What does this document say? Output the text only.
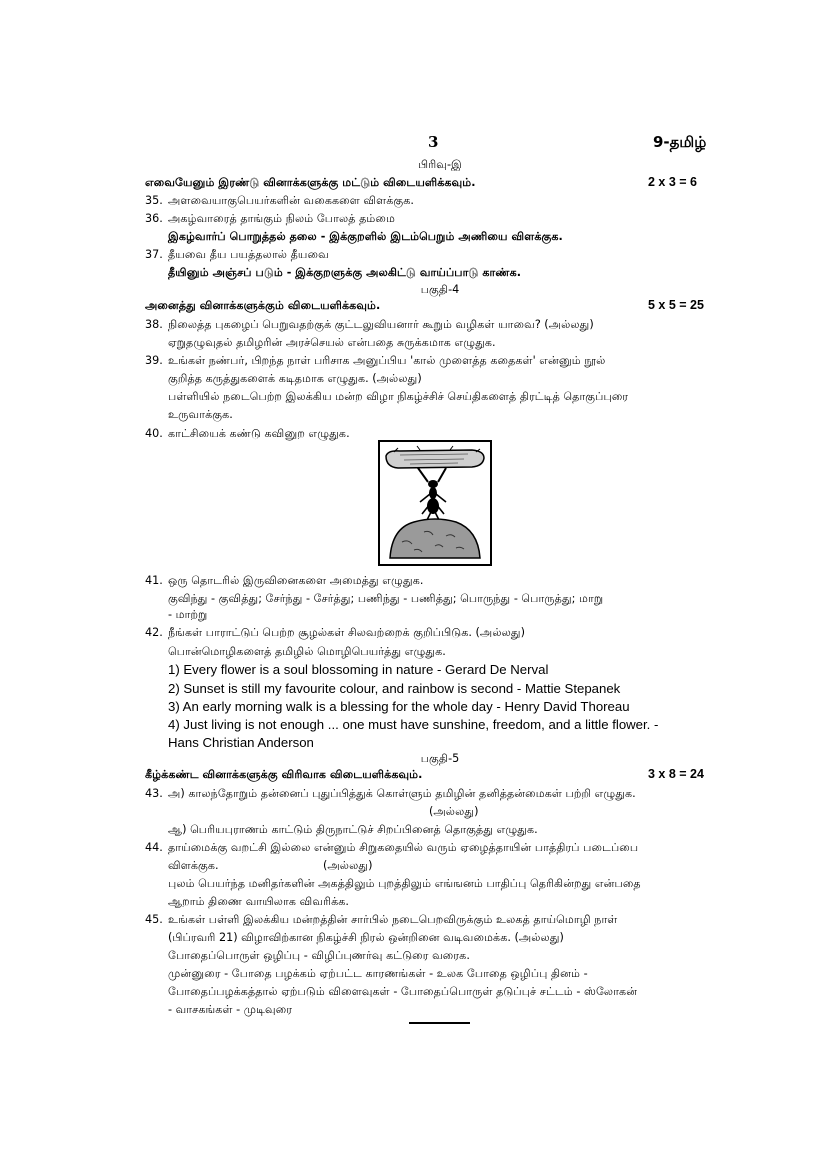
3	9-தமிழ்
பிரிவு-இ
எவையேனும் இரண்டு வினாக்களுக்கு மட்டும் விடையளிக்கவும்.	2 x 3 = 6
35. அளவையாகுபெயர்களின் வகைகளை விளக்குக.
36. அகழ்வாரைத் தாங்கும் நிலம் போலத் தம்மை
இகழ்வார்ப் பொறுத்தல் தலை - இக்குறளில் இடம்பெறும் அணியை விளக்குக.
37. தீயவை தீய பயத்தலால் தீயவை
தீயினும் அஞ்சப் படும் - இக்குறளுக்கு அலகிட்டு வாய்ப்பாடு காண்க.
பகுதி-4
அனைத்து வினாக்களுக்கும் விடையளிக்கவும்.	5 x 5 = 25
38. நிலைத்த புகழைப் பெறுவதற்குக் குட்டலுவியனார் கூறும் வழிகள் யாவை? (அல்லது)
ஏறுதழுவுதல் தமிழரின் அரச்செயல் என்பதை சுருக்கமாக எழுதுக.
39. உங்கள் நண்பர், பிறந்த நாள் பரிசாக அனுப்பிய 'கால் முளைத்த கதைகள்' என்னும் நூல்
குறித்த கருத்துகளைக் கடிதமாக எழுதுக. (அல்லது)
பள்ளியில் நடைபெற்ற இலக்கிய மன்ற விழா நிகழ்ச்சிச் செய்திகளைத் திரட்டித் தொகுப்புரை
உருவாக்குக.
40. காட்சியைக் கண்டு கவினுற எழுதுக.
41. ஒரு தொடரில் இருவினைகளை அமைத்து எழுதுக.
குவிந்து - குவித்து; சேர்ந்து - சேர்த்து; பணிந்து - பணித்து; பொருந்து - பொருத்து; மாறு
- மாற்று
42. நீங்கள் பாராட்டுப் பெற்ற சூழல்கள் சிலவற்றைக் குறிப்பிடுக. (அல்லது)
பொன்மொழிகளைத் தமிழில் மொழிபெயர்த்து எழுதுக.
1) Every flower is a soul blossoming in nature - Gerard De Nerval
2) Sunset is still my favourite colour, and rainbow is second - Mattie Stepanek
3) An early morning walk is a blessing for the whole day - Henry David Thoreau
4) Just living is not enough ... one must have sunshine, freedom, and a little flower. -
Hans Christian Anderson
பகுதி-5
கீழ்க்கண்ட வினாக்களுக்கு விரிவாக விடையளிக்கவும்.	3 x 8 = 24
43. அ) காலந்தோறும் தன்னைப் புதுப்பித்துக் கொள்ளும் தமிழின் தனித்தன்மைகள் பற்றி எழுதுக.
(அல்லது)
ஆ) பெரியபுராணம் காட்டும் திருநாட்டுச் சிறப்பினைத் தொகுத்து எழுதுக.
44. தாய்மைக்கு வறட்சி இல்லை என்னும் சிறுகதையில் வரும் ஏழைத்தாயின் பாத்திரப் படைப்பை
விளக்குக.	(அல்லது)
புலம் பெயர்ந்த மனிதர்களின் அகத்திலும் புறத்திலும் எங்ஙனம் பாதிப்பு தெரிகின்றது என்பதை
ஆறாம் திணை வாயிலாக விவரிக்க.
45. உங்கள் பள்ளி இலக்கிய மன்றத்தின் சார்பில் நடைபெறவிருக்கும் உலகத் தாய்மொழி நாள்
(பிப்ரவரி 21) விழாவிற்கான நிகழ்ச்சி நிரல் ஒன்றினை வடிவமைக்க. (அல்லது)
போதைப்பொருள் ஒழிப்பு - விழிப்புணர்வு கட்டுரை வரைக.
முன்னுரை - போதை பழக்கம் ஏற்பட்ட காரணங்கள் - உலக போதை ஒழிப்பு தினம் -
போதைப்பழக்கத்தால் ஏற்படும் விளைவுகள் - போதைப்பொருள் தடுப்புச் சட்டம் - ஸ்லோகன்
- வாசகங்கள் - முடிவுரை
